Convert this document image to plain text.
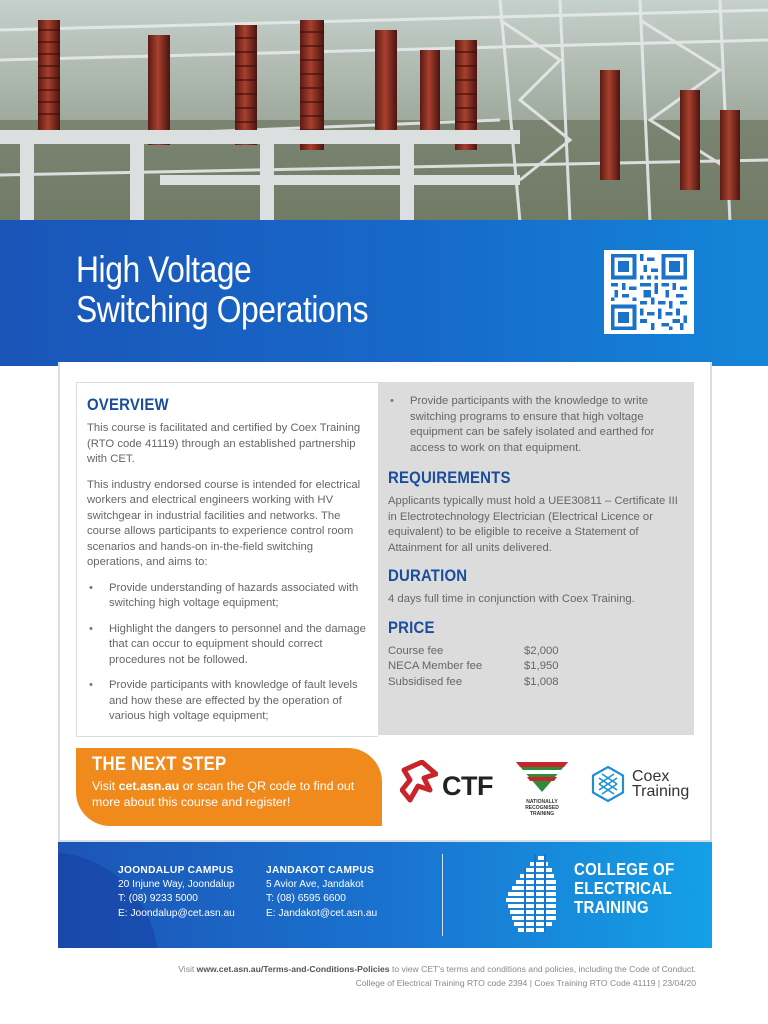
High Voltage
Switching Operations
OVERVIEW

This course is facilitated and certified by Coex Training (RTO code 41119) through an established partnership with CET.

This industry endorsed course is intended for electrical workers and electrical engineers working with HV switchgear in industrial facilities and networks. The course allows participants to experience control room scenarios and hands-on in-the-field switching operations, and aims to:

• Provide understanding of hazards associated with switching high voltage equipment;
• Highlight the dangers to personnel and the damage that can occur to equipment should correct procedures not be followed.
• Provide participants with knowledge of fault levels and how these are effected by the operation of various high voltage equipment;
• Provide participants with the knowledge to write switching programs to ensure that high voltage equipment can be safely isolated and earthed for access to work on that equipment.
REQUIREMENTS

Applicants typically must hold a UEE30811 – Certificate III in Electrotechnology Electrician (Electrical Licence or equivalent) to be eligible to receive a Statement of Attainment for all units delivered.

DURATION

4 days full time in conjunction with Coex Training.

PRICE
Course fee	$2,000
NECA Member fee	$1,950
Subsidised fee	$1,008
THE NEXT STEP

Visit cet.asn.au or scan the QR code to find out more about this course and register!

CTF
NATIONALLY RECOGNISED
TRAINING
Coex
Training
JOONDALUP CAMPUS
20 Injune Way, Joondalup
T: (08) 9233 5000
E: Joondalup@cet.asn.au
JANDAKOT CAMPUS
5 Avior Ave, Jandakot
T: (08) 6595 6600
E: Jandakot@cet.asn.au
COLLEGE OF
ELECTRICAL
TRAINING
Visit www.cet.asn.au/Terms-and-Conditions-Policies to view CET's terms and conditions and policies, including the Code of Conduct.
College of Electrical Training RTO code 2394 | Coex Training RTO Code 41119 | 23/04/20
